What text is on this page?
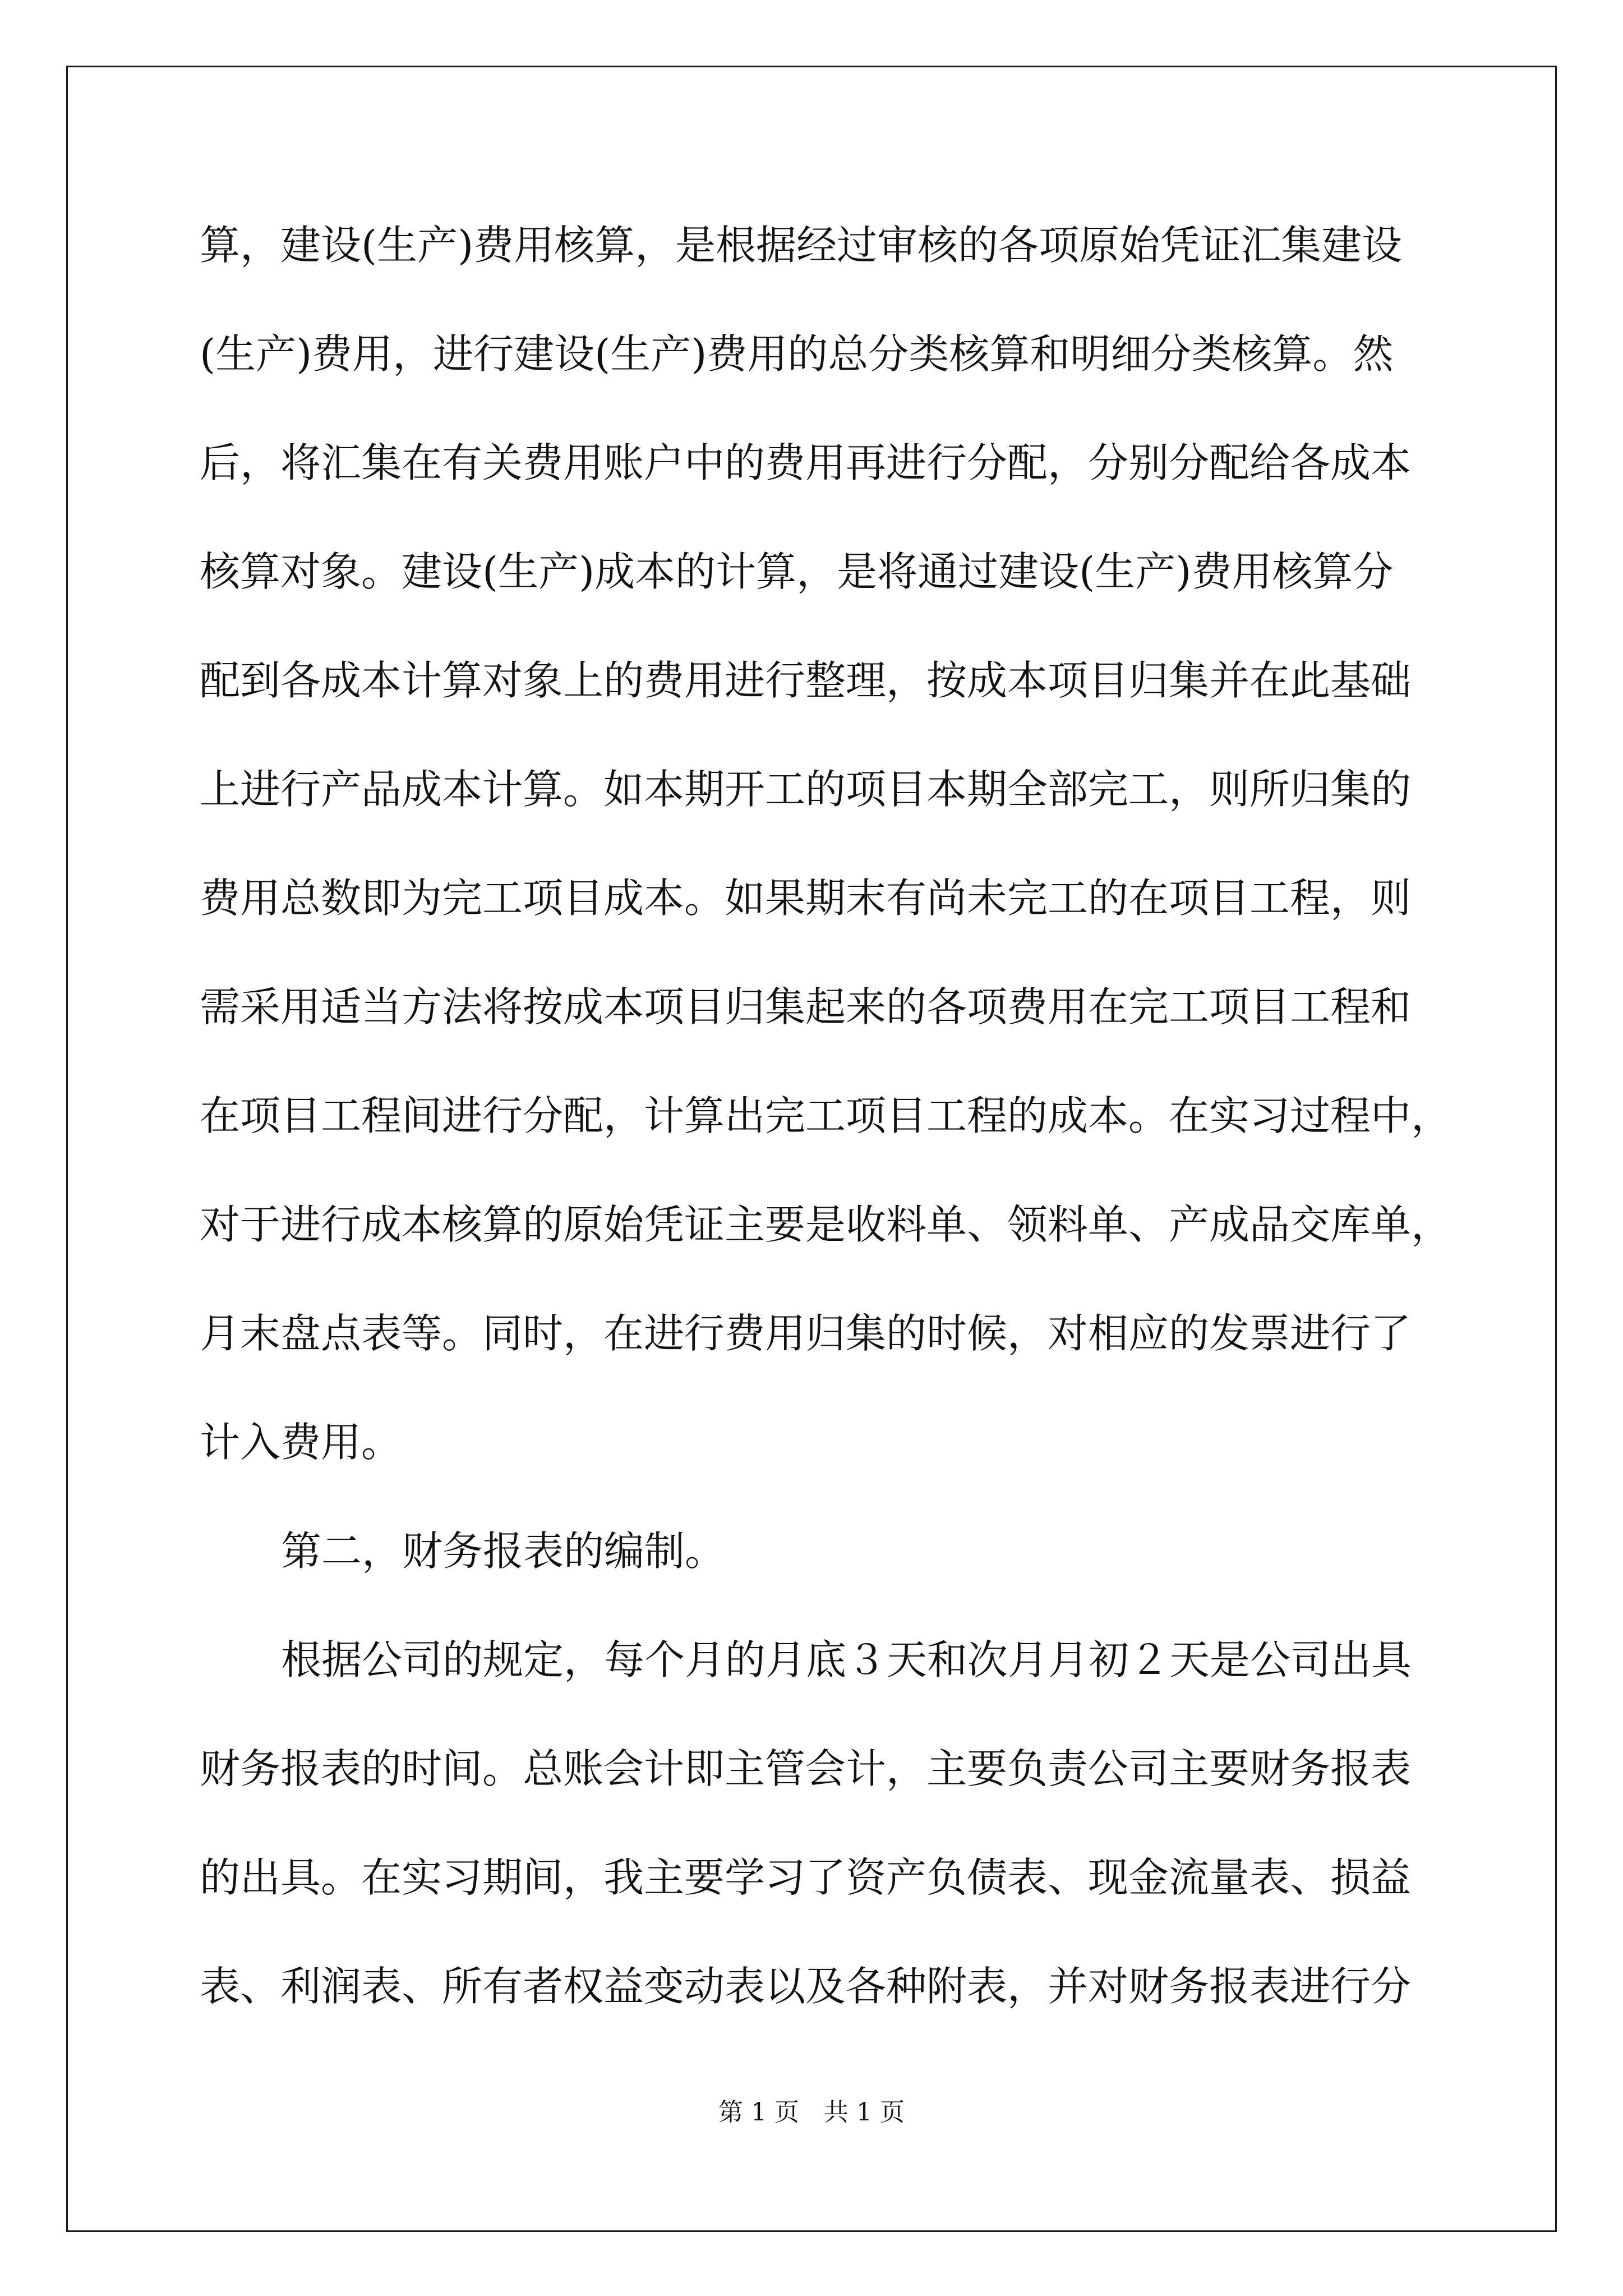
算，建设(生产)费用核算，是根据经过审核的各项原始凭证汇集建设
(生产)费用，进行建设(生产)费用的总分类核算和明细分类核算。然
后，将汇集在有关费用账户中的费用再进行分配，分别分配给各成本
核算对象。建设(生产)成本的计算，是将通过建设(生产)费用核算分
配到各成本计算对象上的费用进行整理，按成本项目归集并在此基础
上进行产品成本计算。如本期开工的项目本期全部完工，则所归集的
费用总数即为完工项目成本。如果期末有尚未完工的在项目工程，则
需采用适当方法将按成本项目归集起来的各项费用在完工项目工程和
在项目工程间进行分配，计算出完工项目工程的成本。在实习过程中，
对于进行成本核算的原始凭证主要是收料单、领料单、产成品交库单，
月末盘点表等。同时，在进行费用归集的时候，对相应的发票进行了
计入费用。
第二，财务报表的编制。
根据公司的规定，每个月的月底３天和次月月初２天是公司出具
财务报表的时间。总账会计即主管会计，主要负责公司主要财务报表
的出具。在实习期间，我主要学习了资产负债表、现金流量表、损益
表、利润表、所有者权益变动表以及各种附表，并对财务报表进行分
第 1 页　共 1 页
